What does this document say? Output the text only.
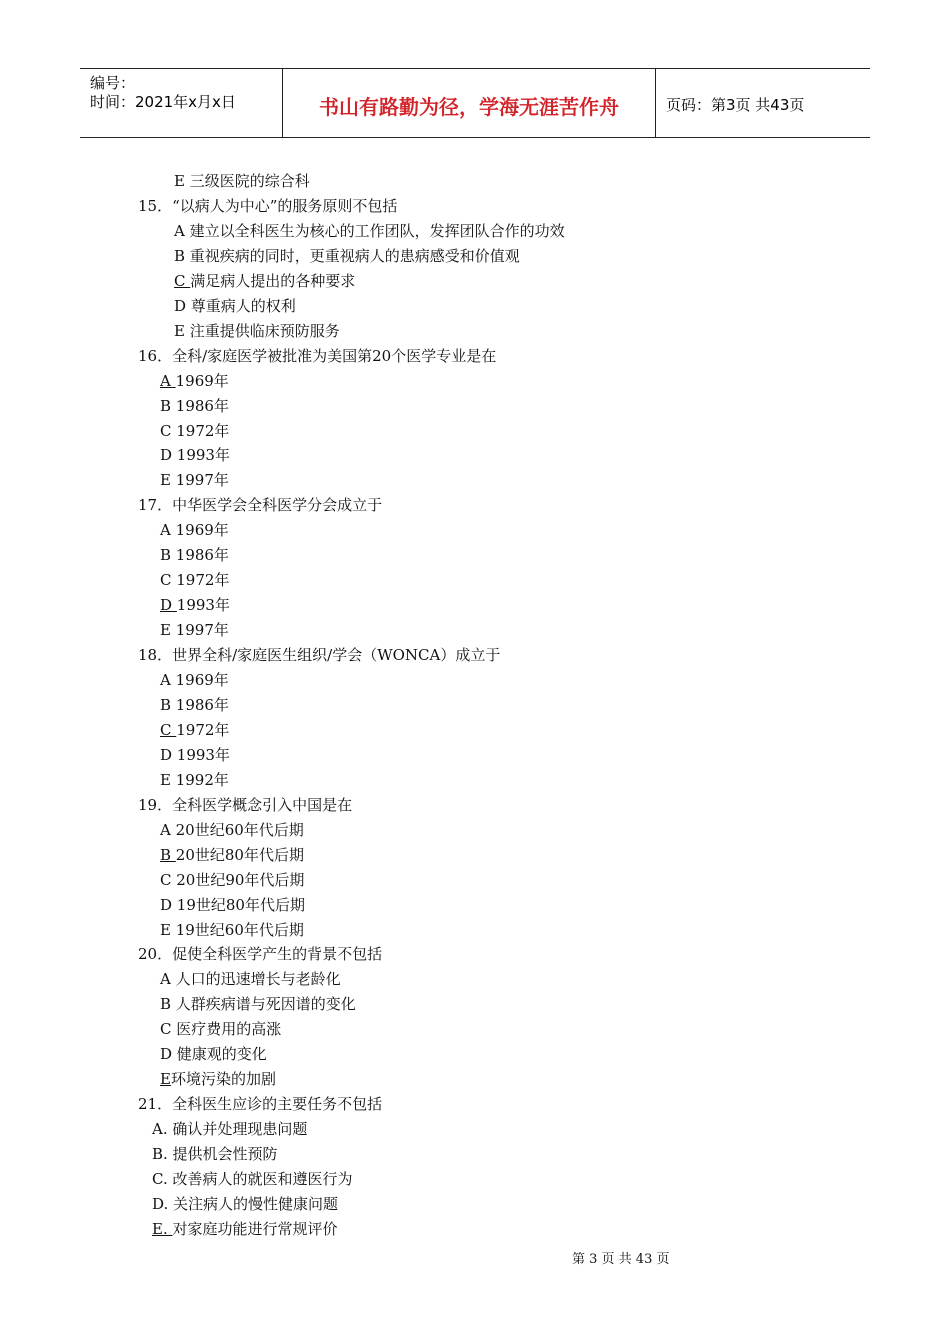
编号：
时间：2021年x月x日	书山有路勤为径，学海无涯苦作舟	页码：第3页 共43页
E 三级医院的综合科
15．“以病人为中心”的服务原则不包括
A 建立以全科医生为核心的工作团队，发挥团队合作的功效
B 重视疾病的同时，更重视病人的患病感受和价值观
C 满足病人提出的各种要求
D 尊重病人的权利
E 注重提供临床预防服务
16．全科/家庭医学被批准为美国第20个医学专业是在
A 1969年
B 1986年
C 1972年
D 1993年
E 1997年
17．中华医学会全科医学分会成立于
A 1969年
B 1986年
C 1972年
D 1993年
E 1997年
18．世界全科/家庭医生组织/学会（WONCA）成立于
A 1969年
B 1986年
C 1972年
D 1993年
E 1992年
19．全科医学概念引入中国是在
A 20世纪60年代后期
B 20世纪80年代后期
C 20世纪90年代后期
D 19世纪80年代后期
E 19世纪60年代后期
20．促使全科医学产生的背景不包括
A 人口的迅速增长与老龄化
B 人群疾病谱与死因谱的变化
C 医疗费用的高涨
D 健康观的变化
E环境污染的加剧
21．全科医生应诊的主要任务不包括
A. 确认并处理现患问题
B. 提供机会性预防
C. 改善病人的就医和遵医行为
D. 关注病人的慢性健康问题
E. 对家庭功能进行常规评价
第 3 页 共 43 页
